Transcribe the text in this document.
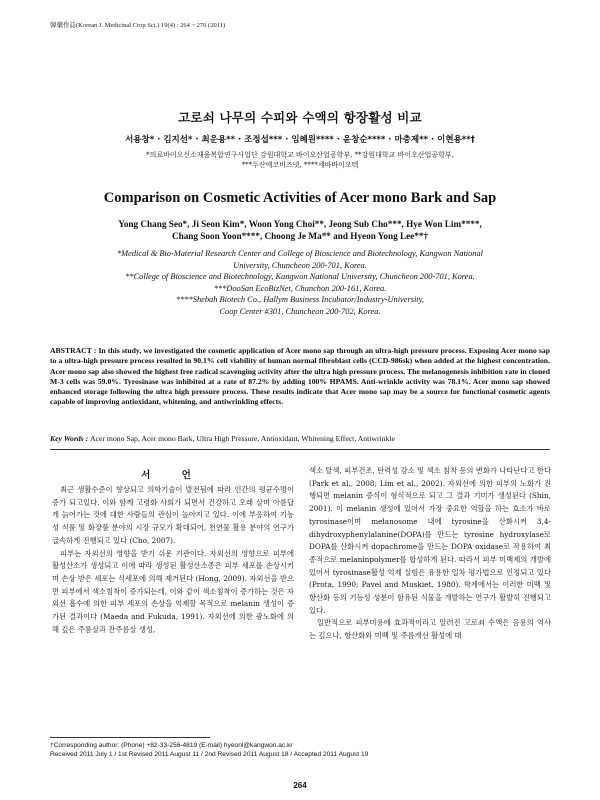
韓藥作誌(Korean J. Medicinal Crop Sci.) 19(4) : 264 ~ 270 (2011)
고로쇠 나무의 수피와 수액의 항장활성 비교
서용창* · 김지선* · 최운용** · 조정섭*** · 임혜원**** · 윤창순**** · 마충제** · 이현용**†
*의료바이오신소재융복합연구사업단 강원대학교 바이오산업공학부, **강원대학교 바이오산업공학부,
***두산에코비즈넷, ****세바바이오텍
Comparison on Cosmetic Activities of Acer mono Bark and Sap
Yong Chang Seo*, Ji Seon Kim*, Woon Yong Choi**, Jeong Sub Cho***, Hye Won Lim****,
Chang Soon Yoon****, Choong Je Ma** and Hyeon Yong Lee**†
*Medical & Bio-Material Research Center and College of Bioscience and Biotechnology, Kangwon National
University, Chuncheon 200-701, Korea.
**College of Bioscience and Biotechnology, Kangwon National University, Chuncheon 200-701, Korea.
***DooSan EcoBizNet, Chunchon 200-161, Korea.
****Shebah Biotech Co., Hallym Business Incubator/Industry-University,
Coop Center #301, Chuncheon 200-702, Korea.
ABSTRACT : In this study, we investigated the cosmetic application of Acer mono sap through an ultra-high pressure process. Exposing Acer mono sap to a ultra-high pressure process resulted in 90.1% cell viability of human normal fibroblast cells (CCD-986sk) when added at the highest concentration. Acer mono sap also showed the highest free radical scavenging activity after the ultra high pressure process. The melanogenesis inhibition rate in cloned M-3 cells was 59.0%. Tyrosinase was inhibited at a rate of 87.2% by adding 100% HPAMS. Anti-wrinkle activity was 78.1%. Acer mono sap showed enhanced storage following the ultra high pressure process. These results indicate that Acer mono sap may be a source for functional cosmetic agents capable of improving antioxidant, whitening, and antiwrinkling effects.
Key Words : Acer mono Sap, Acer mono Bark, Ultra High Pressure, Antioxidant, Whitening Effect, Antiwrinkle
서 언

최근 생활수준이 향상되고 의학기술이 발전됨에 따라 인간의 평균수명이 증가 되고있다. 이와 함께 고령화 사회가 되면서 건강하고 오래 살며 아름답게 늙어가는 것에 대한 사람들의 관심이 높아지고 있다. 이에 부응하여 기능성 식품 및 화장품 분야의 시장 규모가 확대되어, 천연물 활용 분야의 연구가 급속하게 진행되고 있다 (Cho, 2007).

피부는 자외선의 영향을 받기 쉬운 기관이다. 자외선의 영향으로 피부에 활성산소가 생성되고 이에 따라 생성된 활성산소종은 피부 세포를 손상시키며 손상 받은 세포는 식세포에 의해 제거된다 (Hong, 2009). 자외선을 받으면 피부에서 색소침착이 증가되는데, 이와 같이 색소침착이 증가하는 것은 자외선 흡수에 의한 피부 세포의 손상을 억제할 목적으로 melanin 생성이 증가된 결과이다 (Maeda and Fukuda, 1991). 자외선에 의한 광노화에 의해 깊은 주름살과 잔주름살 생성,

색소 탈색, 피부건조, 탄력성 감소 및 색소 침착 등의 변화가 나타난다고 한다 (Park et al., 2008; Lim et al., 2002). 자외선에 의한 피부의 노화가 진행되면 melanin 증식이 형식적으로 되고 그 결과 기미가 생성된다 (Shin, 2001). 이 melanin 생성에 있어서 가장 중요한 역할을 하는 효소가 바로 tyrosinase이며 melanosome 내에 tyrosine을 산화시켜 3,4-dihydroxyphenylalanine(DOPA)를 만드는 tyrosine hydroxylase로 DOPA를 산화시켜 dopachrome을 만드는 DOPA oxidase로 작용하여 최종적으로 melaninpolymer를 합성하게 된다. 따라서 피부 미백제의 개발에 있어서 tyrosinase활성 억제 실험은 유용한 일차 평가법으로 인정되고 있다 (Prota, 1990; Pavel and Muskiet, 1980). 학계에서는 이러한 미백 및 항산화 등의 기능성 성분이 함유된 식물을 개발하는 연구가 활발히 진행되고 있다.

일반적으로 피부미용에 효과적이라고 알려진 고로쇠 수액은 음용의 역사는 깊으나, 항산화와 미백 및 주름개선 활성에 대

†Corresponding author: (Phone) +82-33-256-4819 (E-mail) hyeonl@kangwon.ac.kr
Received 2011 July 1 / 1st Revised 2011 August 11 / 2nd Revised 2011 August 18 / Accepted 2011 August 19
264
